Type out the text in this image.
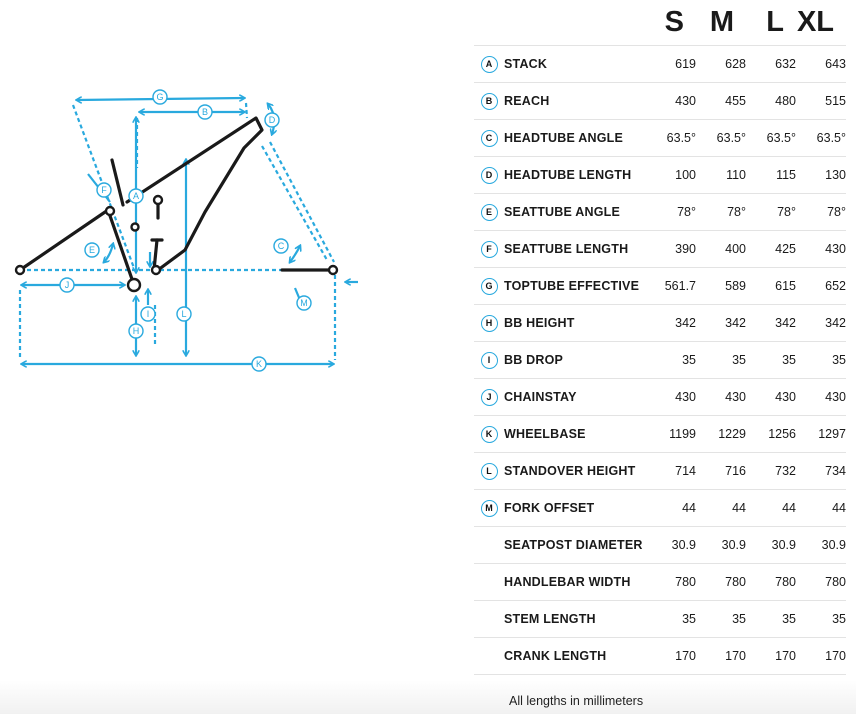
G
B
D
A
F
E	C
J
M
I	L
H
K
		S	M	L	XL
A	STACK	619	628	632	643
B	REACH	430	455	480	515
C	HEADTUBE ANGLE	63.5°	63.5°	63.5°	63.5°
D	HEADTUBE LENGTH	100	110	115	130
E	SEATTUBE ANGLE	78°	78°	78°	78°
F	SEATTUBE LENGTH	390	400	425	430
G	TOPTUBE EFFECTIVE	561.7	589	615	652
H	BB HEIGHT	342	342	342	342
I	BB DROP	35	35	35	35
J	CHAINSTAY	430	430	430	430
K	WHEELBASE	1199	1229	1256	1297
L	STANDOVER HEIGHT	714	716	732	734
M	FORK OFFSET	44	44	44	44
	SEATPOST DIAMETER	30.9	30.9	30.9	30.9
	HANDLEBAR WIDTH	780	780	780	780
	STEM LENGTH	35	35	35	35
	CRANK LENGTH	170	170	170	170
All lengths in millimeters
